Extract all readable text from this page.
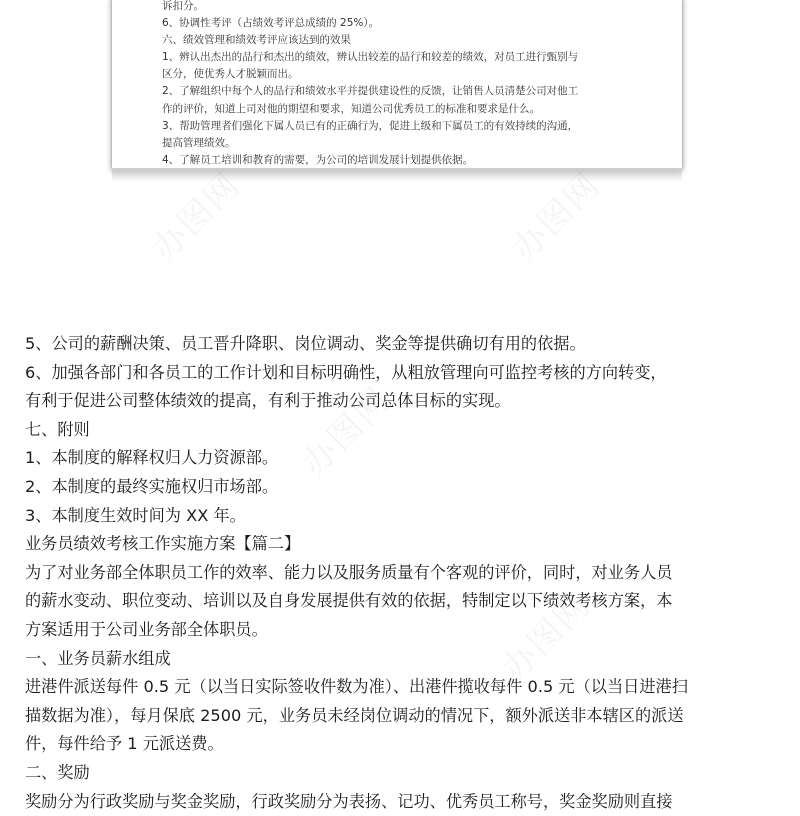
诉扣分。
6、协调性考评（占绩效考评总成绩的 25%）。
六、绩效管理和绩效考评应该达到的效果
1、辨认出杰出的品行和杰出的绩效，辨认出较差的品行和较差的绩效，对员工进行甄别与
区分，使优秀人才脱颖而出。
2、了解组织中每个人的品行和绩效水平并提供建设性的反馈，让销售人员清楚公司对他工
作的评价，知道上司对他的期望和要求，知道公司优秀员工的标准和要求是什么。
3、帮助管理者们强化下属人员已有的正确行为，促进上级和下属员工的有效持续的沟通，
提高管理绩效。
4、了解员工培训和教育的需要，为公司的培训发展计划提供依据。
5、公司的薪酬决策、员工晋升降职、岗位调动、奖金等提供确切有用的依据。
6、加强各部门和各员工的工作计划和目标明确性，从粗放管理向可监控考核的方向转变，
有利于促进公司整体绩效的提高，有利于推动公司总体目标的实现。
七、附则
1、本制度的解释权归人力资源部。
2、本制度的最终实施权归市场部。
3、本制度生效时间为 XX 年。
业务员绩效考核工作实施方案【篇二】
为了对业务部全体职员工作的效率、能力以及服务质量有个客观的评价，同时，对业务人员
的薪水变动、职位变动、培训以及自身发展提供有效的依据，特制定以下绩效考核方案，本
方案适用于公司业务部全体职员。
一、业务员薪水组成
进港件派送每件 0.5 元（以当日实际签收件数为准）、出港件揽收每件 0.5 元（以当日进港扫
描数据为准），每月保底 2500 元，业务员未经岗位调动的情况下，额外派送非本辖区的派送
件，每件给予 1 元派送费。
二、奖励
奖励分为行政奖励与奖金奖励，行政奖励分为表扬、记功、优秀员工称号，奖金奖励则直接
